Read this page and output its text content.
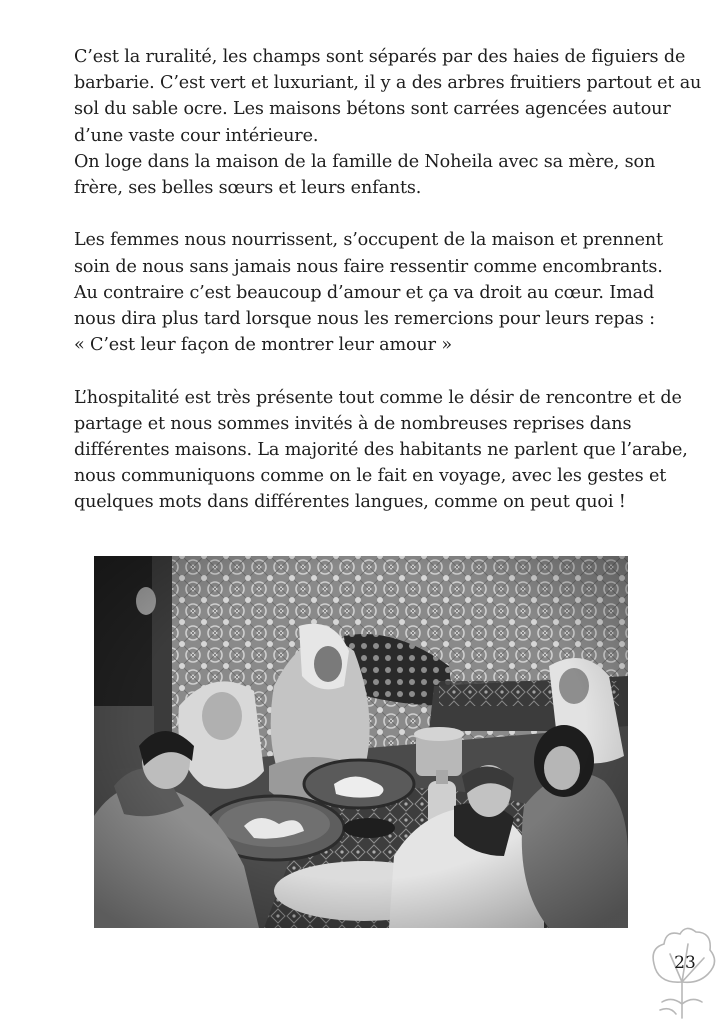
C’est la ruralité, les champs sont séparés par des haies de figuiers de
barbarie. C’est vert et luxuriant, il y a des arbres fruitiers partout et au
sol du sable ocre. Les maisons bétons sont carrées agencées autour
d’une vaste cour intérieure.
On loge dans la maison de la famille de Noheila avec sa mère, son
frère, ses belles sœurs et leurs enfants.

Les femmes nous nourrissent, s’occupent de la maison et prennent
soin de nous sans jamais nous faire ressentir comme encombrants.
Au contraire c’est beaucoup d’amour et ça va droit au cœur. Imad
nous dira plus tard lorsque nous les remercions pour leurs repas :
« C’est leur façon de montrer leur amour »

L’hospitalité est très présente tout comme le désir de rencontre et de
partage et nous sommes invités à de nombreuses reprises dans
différentes maisons. La majorité des habitants ne parlent que l’arabe,
nous communiquons comme on le fait en voyage, avec les gestes et
quelques mots dans différentes langues, comme on peut quoi !

23
